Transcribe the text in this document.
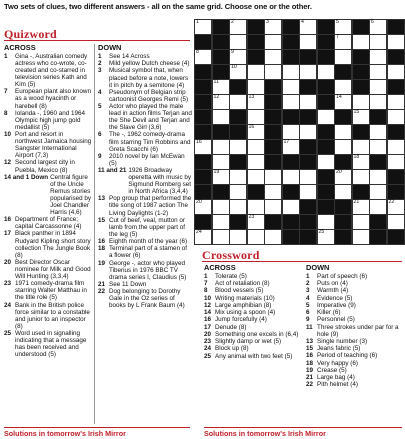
Two sets of clues, two different answers - all on the same grid. Choose one or the other.
Quizword
ACROSS
1	Gina -, Australian comedy actress who co-wrote, co-created and co-starred in television series Kath and Kim (5)
7	European plant also known as a wood hyacinth or harebell (8)
8	Iolanda -, 1960 and 1964 Olympic high jump gold medallist (5)
10 Port and resort in northwest Jamaica housing Sangster International Airport (7,3)
12 Second largest city in Puebla, Mexico (8)
14 and 1 Down Central figure of the Uncle Remus stories popularised by Joel Chandler Harris (4,6)
16 Department of France; capital Carcassonne (4)
17 Black panther in 1894 Rudyard Kipling short story collection The Jungle Book (8)
20 Best Director Oscar nominee for Milk and Good Will Hunting (3,3,4)
23 1971 comedy-drama film starring Walter Matthau in the title role (5)
24 Bank in the British police force similar to a constable and junior to an inspector (8)
25 Word used in signalling indicating that a message has been received and understood (5)
DOWN
1	See 14 Across
2	Mild yellow Dutch cheese (4)
3	Musical symbol that, when placed before a note, lowers it in pitch by a semitone (4)
4	Pseudonym of Belgian strip cartoonist Georges Remi (5)
5	Actor who played the male lead in action films Terjan and the She Devil and Terjan and the Slave Girl (3,6)
6	The -, 1962 comedy-drama film starring Tim Robbins and Greta Scacchi (6)
9	2010 novel by Ian McEwan (5)
11 and 21 1926 Broadway operetta with music by Sigmund Romberg set in North Africa (3,4,4)
13 Pop group that performed the title song of 1987 action The Living Daylights (1-2)
15 Cut of beef, veal, mutton or lamb from the upper part of the leg (5)
16 Eighth month of the year (6)
18 Terminal part of a stamen of a flower (6)
19 George -, actor who played Tiberius in 1976 BBC TV drama series I, Claudius (5)
21 See 11 Down
22 Dog belonging to Dorothy Gale in the Oz series of books by L Frank Baum (4)
1	2	3	4	5	6
7
8	9
10
11
12	13	14
15
16
16	17
18
19	20
20	21	22
23
24	25
Crossword
ACROSS
1	Tolerate (5)
7	Act of retaliation (8)
8	Blood vessels (5)
10 Writing materials (10)
12 Large amphibian (8)
14 Mix using a spoon (4)
16 Jump forcefully (4)
17 Denude (8)
20 Something one excels in (6,4)
23 Slightly damp or wet (5)
24 Block up (8)
25 Any animal with two feet (5)
DOWN
1	Part of speech (6)
2	Puts on (4)
3	Warmth (4)
4	Evidence (5)
5	Imperative (9)
6	Killer (6)
9	Personnel (5)
11 Three strokes under par for a hole (9)
13 Single number (3)
15 Jeans fabric (5)
16 Period of teaching (6)
18 Very happy (6)
19 Crease (5)
21 Large bag (4)
22 Pith helmet (4)
Solutions in tomorrow's Irish Mirror	Solutions in tomorrow's Irish Mirror
